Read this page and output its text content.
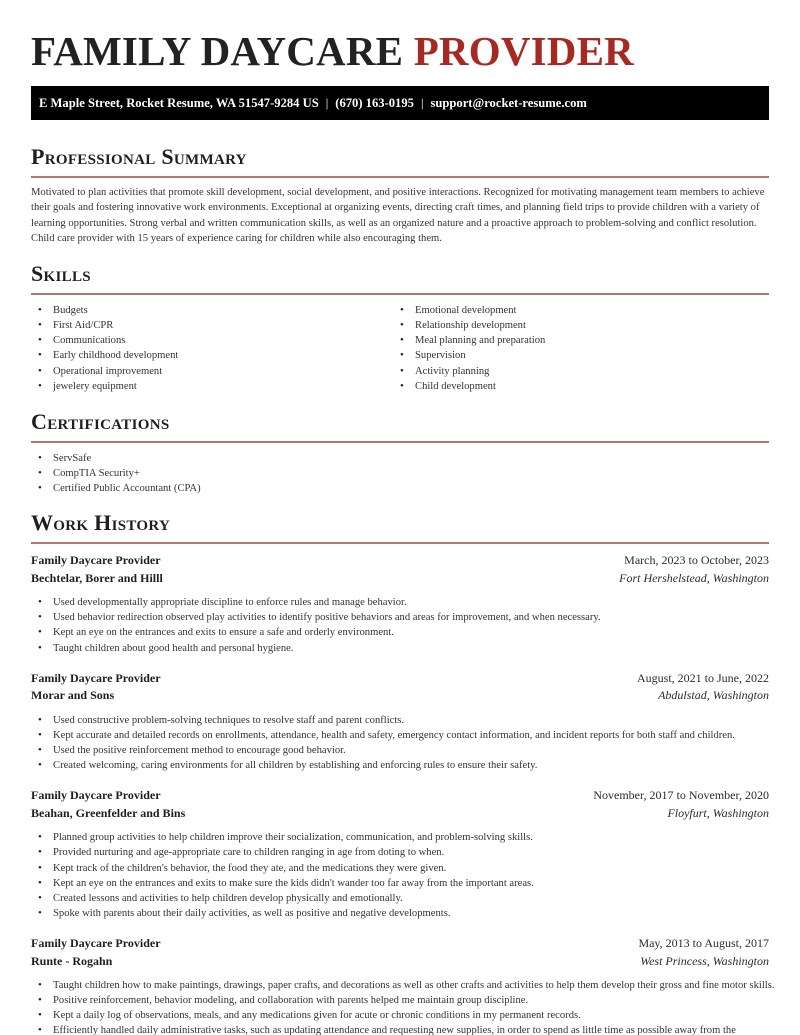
FAMILY DAYCARE PROVIDER
E Maple Street, Rocket Resume, WA 51547-9284 US | (670) 163-0195 | support@rocket-resume.com
Professional Summary

Motivated to plan activities that promote skill development, social development, and positive interactions. Recognized for motivating management team members to achieve their goals and fostering innovative work environments. Exceptional at organizing events, directing craft times, and planning field trips to provide children with a variety of learning opportunities. Strong verbal and written communication skills, as well as an organized nature and a proactive approach to problem-solving and conflict resolution. Child care provider with 15 years of experience caring for children while also encouraging them.

Skills
• Budgets
• First Aid/CPR
• Communications
• Early childhood development
• Operational improvement
• jewelery equipment
• Emotional development
• Relationship development
• Meal planning and preparation
• Supervision
• Activity planning
• Child development
Certifications
• ServSafe
• CompTIA Security+
• Certified Public Accountant (CPA)
Work History
Family Daycare Provider	March, 2023 to October, 2023
Bechtelar, Borer and Hilll	Fort Hershelstead, Washington
• Used developmentally appropriate discipline to enforce rules and manage behavior.
• Used behavior redirection observed play activities to identify positive behaviors and areas for improvement, and when necessary.
• Kept an eye on the entrances and exits to ensure a safe and orderly environment.
• Taught children about good health and personal hygiene.
Family Daycare Provider	August, 2021 to June, 2022
Morar and Sons	Abdulstad, Washington
• Used constructive problem-solving techniques to resolve staff and parent conflicts.
• Kept accurate and detailed records on enrollments, attendance, health and safety, emergency contact information, and incident reports for both staff and children.
• Used the positive reinforcement method to encourage good behavior.
• Created welcoming, caring environments for all children by establishing and enforcing rules to ensure their safety.
Family Daycare Provider	November, 2017 to November, 2020
Beahan, Greenfelder and Bins	Floyfurt, Washington
• Planned group activities to help children improve their socialization, communication, and problem-solving skills.
• Provided nurturing and age-appropriate care to children ranging in age from doting to when.
• Kept track of the children's behavior, the food they ate, and the medications they were given.
• Kept an eye on the entrances and exits to make sure the kids didn't wander too far away from the important areas.
• Created lessons and activities to help children develop physically and emotionally.
• Spoke with parents about their daily activities, as well as positive and negative developments.
Family Daycare Provider	May, 2013 to August, 2017
Runte - Rogahn	West Princess, Washington
• Taught children how to make paintings, drawings, paper crafts, and decorations as well as other crafts and activities to help them develop their gross and fine motor skills.
• Positive reinforcement, behavior modeling, and collaboration with parents helped me maintain group discipline.
• Kept a daily log of observations, meals, and any medications given for acute or chronic conditions in my permanent records.
• Efficiently handled daily administrative tasks, such as updating attendance and requesting new supplies, in order to spend as little time as possible away from the
